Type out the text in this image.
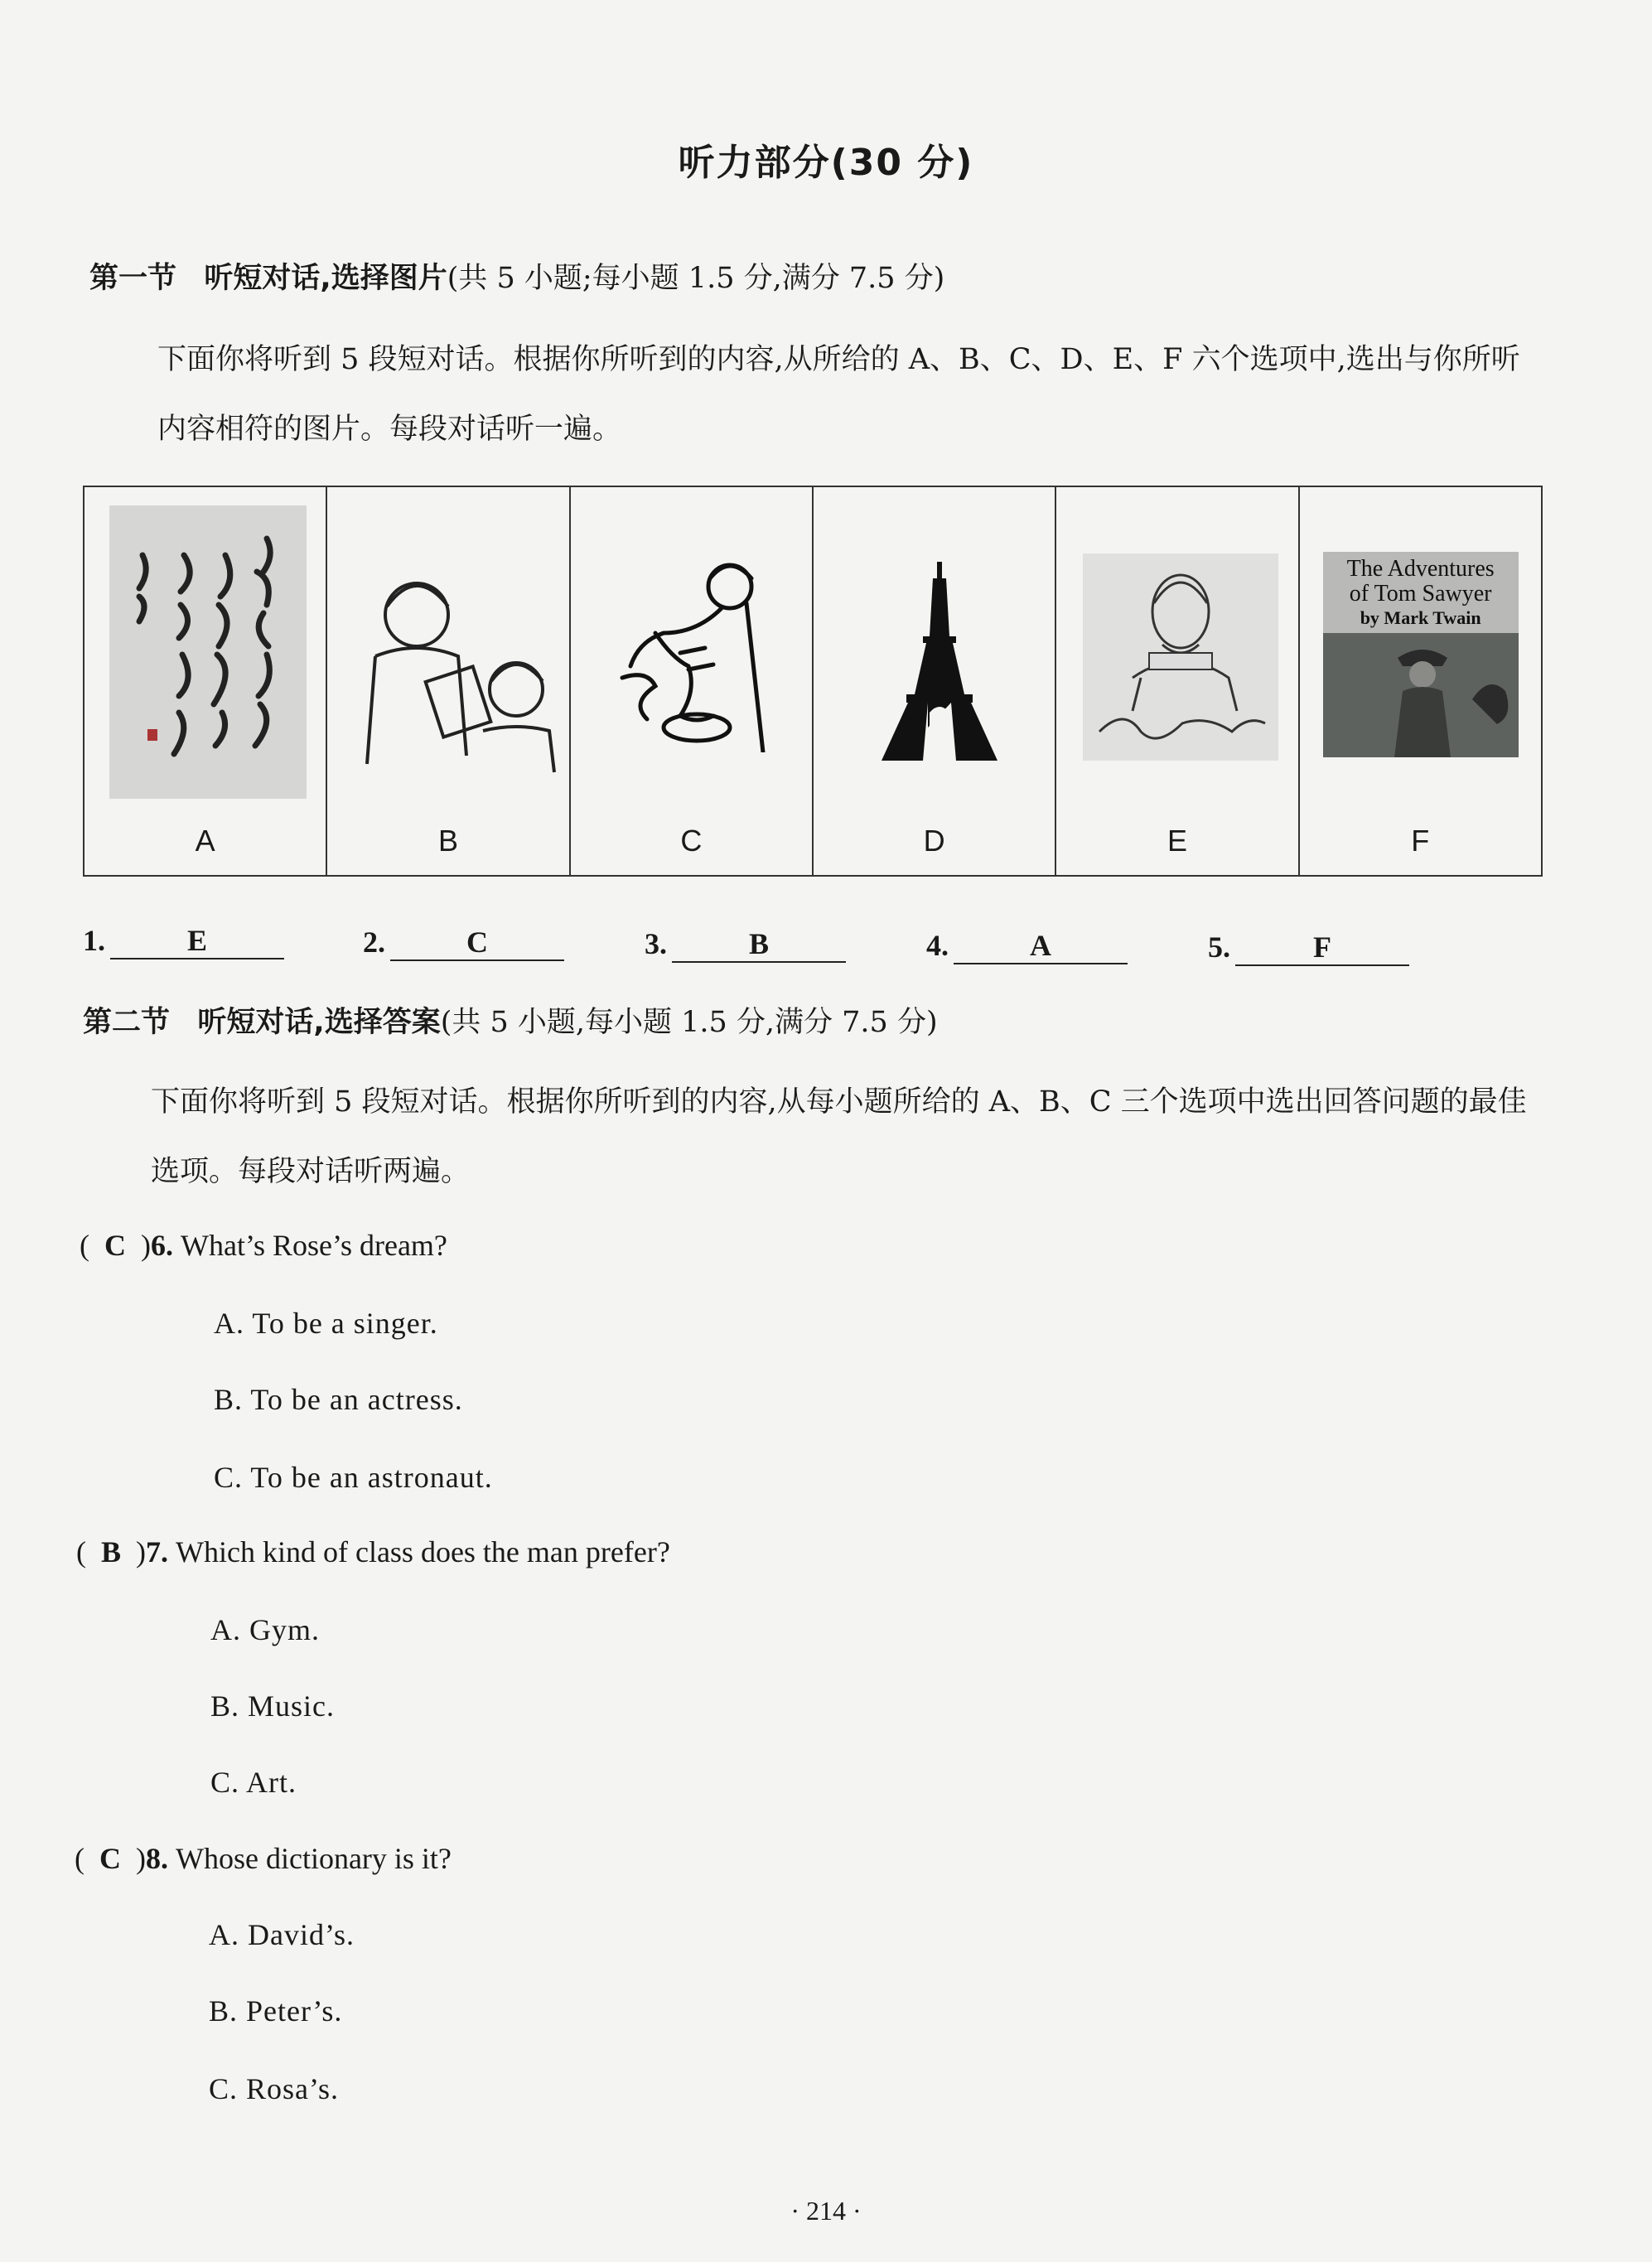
听力部分(30 分)
第一节 听短对话,选择图片(共 5 小题;每小题 1.5 分,满分 7.5 分)
下面你将听到 5 段短对话。根据你所听到的内容,从所给的 A、B、C、D、E、F 六个选项中,选出与你所听内容相符的图片。每段对话听一遍。
A	B	C	D	E
The Adventures
of Tom Sawyer
by Mark Twain
F
1.	E	2.	C	3.	B	4.	A	5.	F
第二节 听短对话,选择答案(共 5 小题,每小题 1.5 分,满分 7.5 分)
下面你将听到 5 段短对话。根据你所听到的内容,从每小题所给的 A、B、C 三个选项中选出回答问题的最佳选项。每段对话听两遍。
(  C  )6. What’s Rose’s dream?
A. To be a singer.
B. To be an actress.
C. To be an astronaut.
(  B  )7. Which kind of class does the man prefer?
A. Gym.
B. Music.
C. Art.
(  C  )8. Whose dictionary is it?
A. David’s.
B. Peter’s.
C. Rosa’s.
· 214 ·
